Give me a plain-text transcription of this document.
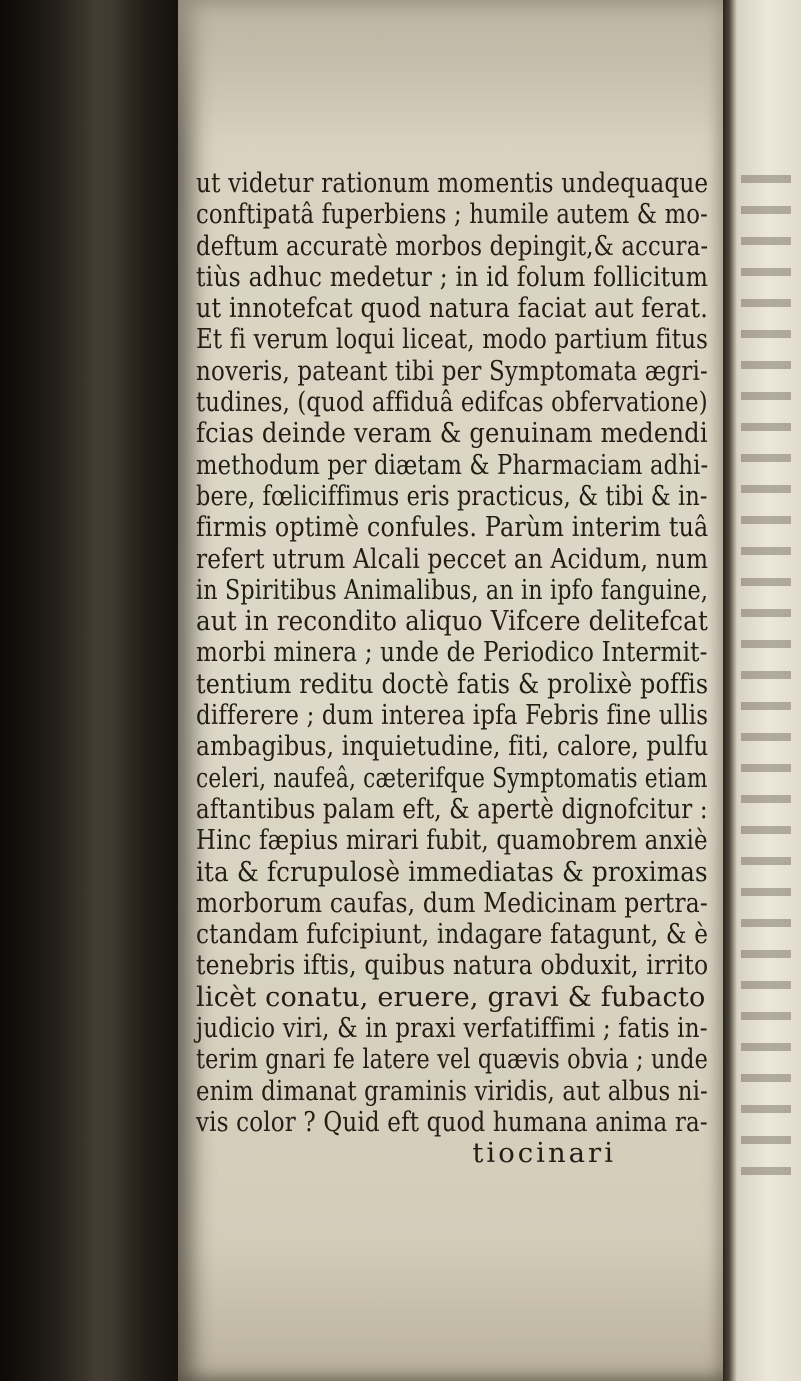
ut videtur rationum momentis undequaque
conftipatâ fuperbiens ; humile autem & mo-
deftum accuratè morbos depingit,& accura-
tiùs adhuc medetur ; in id folum follicitum
ut innotefcat quod natura faciat aut ferat.
Et fi verum loqui liceat, modo partium fitus
noveris, pateant tibi per Symptomata ægri-
tudines, (quod affiduâ edifcas obfervatione)
fcias deinde veram & genuinam medendi
methodum per diætam & Pharmaciam adhi-
bere, fœliciffimus eris practicus, & tibi & in-
firmis optimè confules. Parùm interim tuâ
refert utrum Alcali peccet an Acidum, num
in Spiritibus Animalibus, an in ipfo fanguine,
aut in recondito aliquo Vifcere delitefcat
morbi minera ; unde de Periodico Intermit-
tentium reditu doctè fatis & prolixè poffis
differere ; dum interea ipfa Febris fine ullis
ambagibus, inquietudine, fiti, calore, pulfu
celeri, naufeâ, cæterifque Symptomatis etiam
aftantibus palam eft, & apertè dignofcitur :
Hinc fæpius mirari fubit, quamobrem anxiè
ita & fcrupulosè immediatas & proximas
morborum caufas, dum Medicinam pertra-
ctandam fufcipiunt, indagare fatagunt, & è
tenebris iftis, quibus natura obduxit, irrito
licèt conatu, eruere, gravi & fubacto
judicio viri, & in praxi verfatiffimi ; fatis in-
terim gnari fe latere vel quævis obvia ; unde
enim dimanat graminis viridis, aut albus ni-
vis color ? Quid eft quod humana anima ra-
tiocinari
